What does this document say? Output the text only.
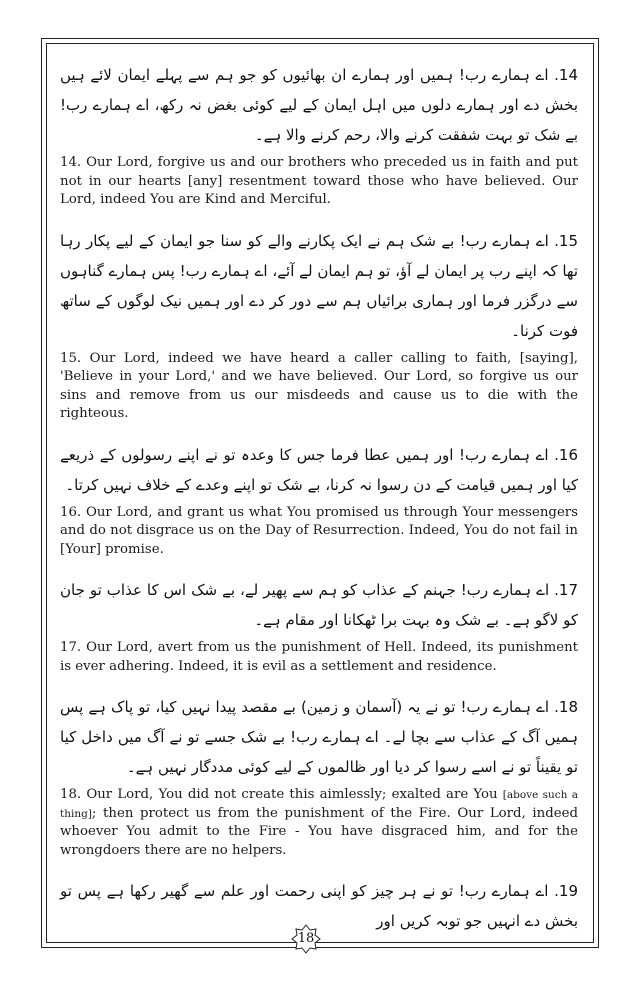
14. اے ہمارے رب! ہمیں اور ہمارے ان بھائیوں کو جو ہم سے پہلے ایمان لائے ہیں بخش دے اور ہمارے دلوں میں اہل ایمان کے لیے کوئی بغض نہ رکھ، اے ہمارے رب! بے شک تو بہت شفقت کرنے والا، رحم کرنے والا ہے۔

14. Our Lord, forgive us and our brothers who preceded us in faith and put not in our hearts [any] resentment toward those who have believed. Our Lord, indeed You are Kind and Merciful.

15. اے ہمارے رب! بے شک ہم نے ایک پکارنے والے کو سنا جو ایمان کے لیے پکار رہا تھا کہ اپنے رب پر ایمان لے آؤ، تو ہم ایمان لے آئے، اے ہمارے رب! پس ہمارے گناہوں سے درگزر فرما اور ہماری برائیاں ہم سے دور کر دے اور ہمیں نیک لوگوں کے ساتھ فوت کرنا۔

15. Our Lord, indeed we have heard a caller calling to faith, [saying], 'Believe in your Lord,' and we have believed. Our Lord, so forgive us our sins and remove from us our misdeeds and cause us to die with the righteous.

16. اے ہمارے رب! اور ہمیں عطا فرما جس کا وعدہ تو نے اپنے رسولوں کے ذریعے کیا اور ہمیں قیامت کے دن رسوا نہ کرنا، بے شک تو اپنے وعدے کے خلاف نہیں کرتا۔

16. Our Lord, and grant us what You promised us through Your messengers and do not disgrace us on the Day of Resurrection. Indeed, You do not fail in [Your] promise.

17. اے ہمارے رب! جہنم کے عذاب کو ہم سے پھیر لے، بے شک اس کا عذاب تو جان کو لاگو ہے۔ بے شک وہ بہت برا ٹھکانا اور مقام ہے۔

17. Our Lord, avert from us the punishment of Hell. Indeed, its punishment is ever adhering. Indeed, it is evil as a settlement and residence.

18. اے ہمارے رب! تو نے یہ (آسمان و زمین) بے مقصد پیدا نہیں کیا، تو پاک ہے پس ہمیں آگ کے عذاب سے بچا لے۔ اے ہمارے رب! بے شک جسے تو نے آگ میں داخل کیا تو یقیناً تو نے اسے رسوا کر دیا اور ظالموں کے لیے کوئی مددگار نہیں ہے۔

18. Our Lord, You did not create this aimlessly; exalted are You [above such a thing]; then protect us from the punishment of the Fire. Our Lord, indeed whoever You admit to the Fire - You have disgraced him, and for the wrongdoers there are no helpers.

19. اے ہمارے رب! تو نے ہر چیز کو اپنی رحمت اور علم سے گھیر رکھا ہے پس تو بخش دے انہیں جو توبہ کریں اور

18
